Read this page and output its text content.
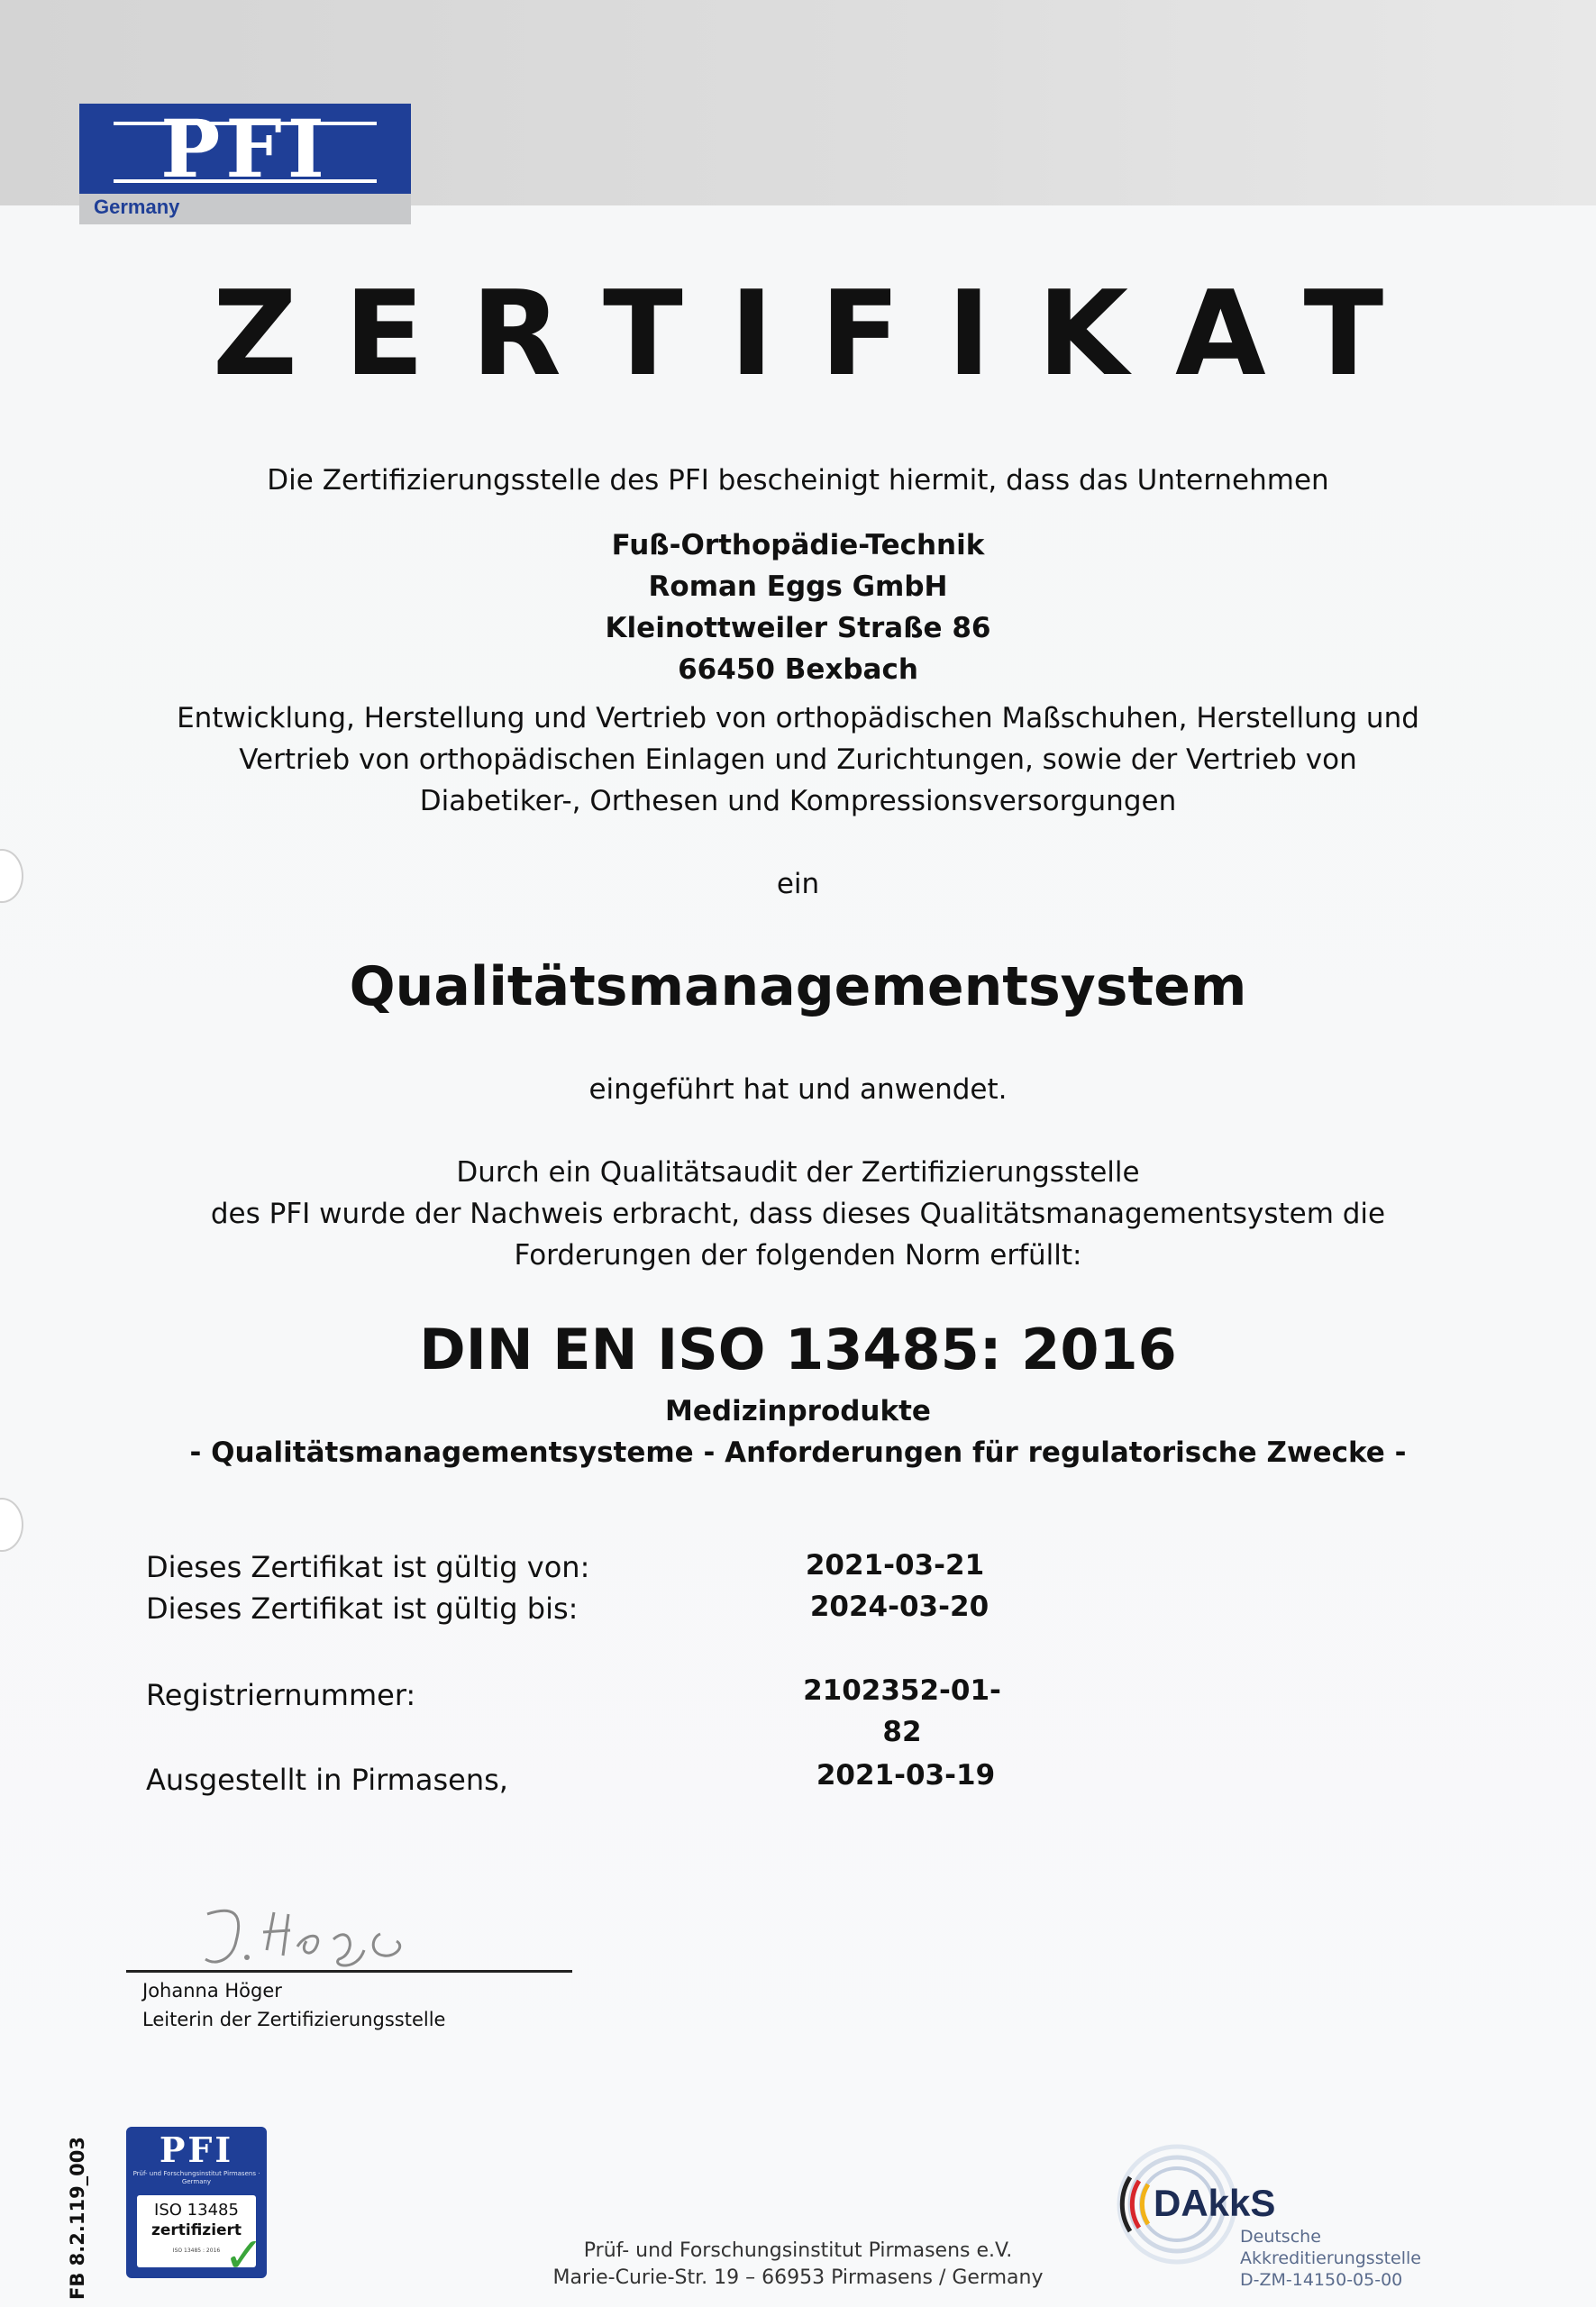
PFI
Germany
ZERTIFIKAT
Die Zertifizierungsstelle des PFI bescheinigt hiermit, dass das Unternehmen
Fuß-Orthopädie-Technik
Roman Eggs GmbH
Kleinottweiler Straße 86
66450 Bexbach
Entwicklung, Herstellung und Vertrieb von orthopädischen Maßschuhen, Herstellung und
Vertrieb von orthopädischen Einlagen und Zurichtungen, sowie der Vertrieb von
Diabetiker-, Orthesen und Kompressionsversorgungen
ein
Qualitätsmanagementsystem
eingeführt hat und anwendet.
Durch ein Qualitätsaudit der Zertifizierungsstelle
des PFI wurde der Nachweis erbracht, dass dieses Qualitätsmanagementsystem die
Forderungen der folgenden Norm erfüllt:
DIN EN ISO 13485: 2016
Medizinprodukte
- Qualitätsmanagementsysteme - Anforderungen für regulatorische Zwecke -
Dieses Zertifikat ist gültig von:	2021-03-21
Dieses Zertifikat ist gültig bis:	2024-03-20
Registriernummer:	2102352-01-82
Ausgestellt in Pirmasens,	2021-03-19
Johanna Höger
Leiterin der Zertifizierungsstelle
FB 8.2.119_003	PFI
Prüf- und Forschungsinstitut Pirmasens · Germany
ISO 13485
zertifiziert
ISO 13485 : 2016 ✓	Prüf- und Forschungsinstitut Pirmasens e.V.
Marie-Curie-Str. 19 – 66953 Pirmasens / Germany
DAkkS
Deutsche
Akkreditierungsstelle
D-ZM-14150-05-00
